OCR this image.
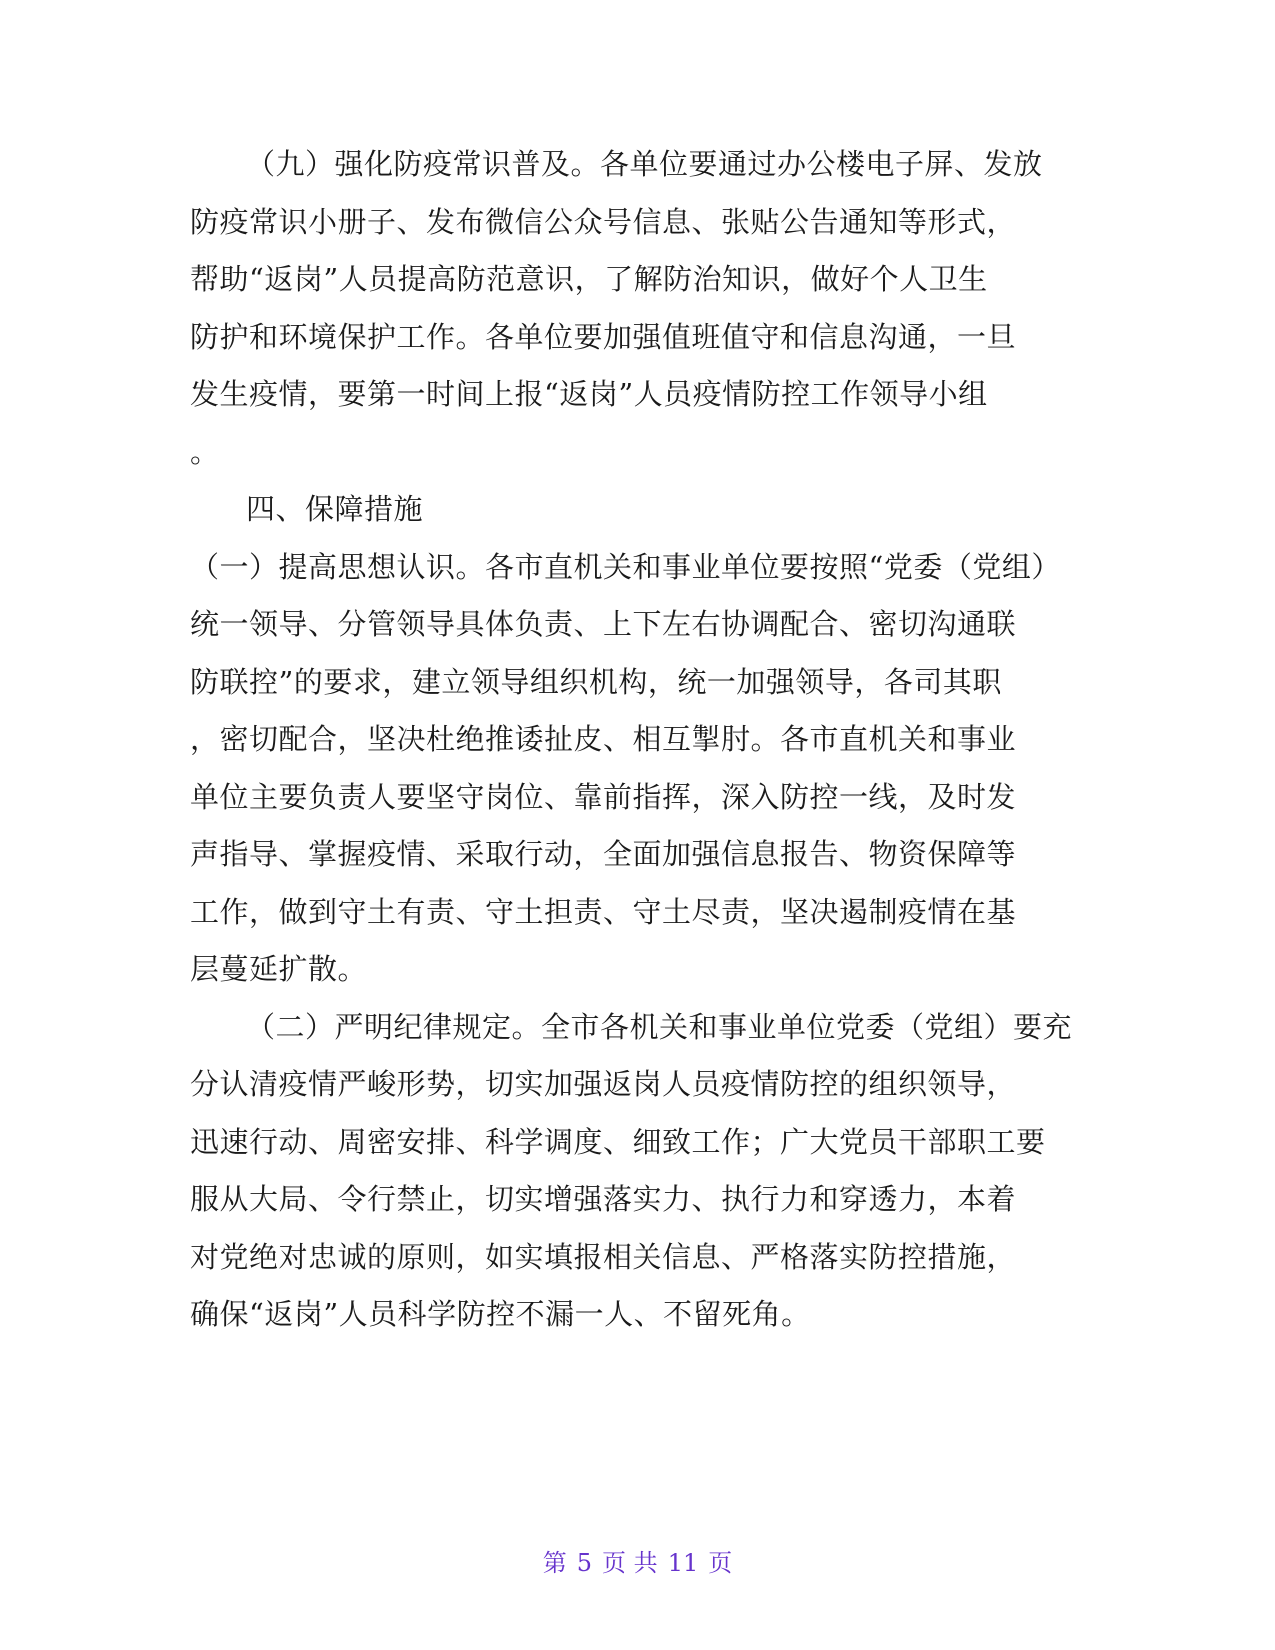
（九）强化防疫常识普及。各单位要通过办公楼电子屏、发放

防疫常识小册子、发布微信公众号信息、张贴公告通知等形式，

帮助“返岗”人员提高防范意识，了解防治知识，做好个人卫生

防护和环境保护工作。各单位要加强值班值守和信息沟通，一旦

发生疫情，要第一时间上报“返岗”人员疫情防控工作领导小组

。

四、保障措施

（一）提高思想认识。各市直机关和事业单位要按照“党委（党组）

统一领导、分管领导具体负责、上下左右协调配合、密切沟通联

防联控”的要求，建立领导组织机构，统一加强领导，各司其职

，密切配合，坚决杜绝推诿扯皮、相互掣肘。各市直机关和事业

单位主要负责人要坚守岗位、靠前指挥，深入防控一线，及时发

声指导、掌握疫情、采取行动，全面加强信息报告、物资保障等

工作，做到守土有责、守土担责、守土尽责，坚决遏制疫情在基

层蔓延扩散。

（二）严明纪律规定。全市各机关和事业单位党委（党组）要充

分认清疫情严峻形势，切实加强返岗人员疫情防控的组织领导，

迅速行动、周密安排、科学调度、细致工作；广大党员干部职工要

服从大局、令行禁止，切实增强落实力、执行力和穿透力，本着

对党绝对忠诚的原则，如实填报相关信息、严格落实防控措施，

确保“返岗”人员科学防控不漏一人、不留死角。

第 5 页 共 11 页
